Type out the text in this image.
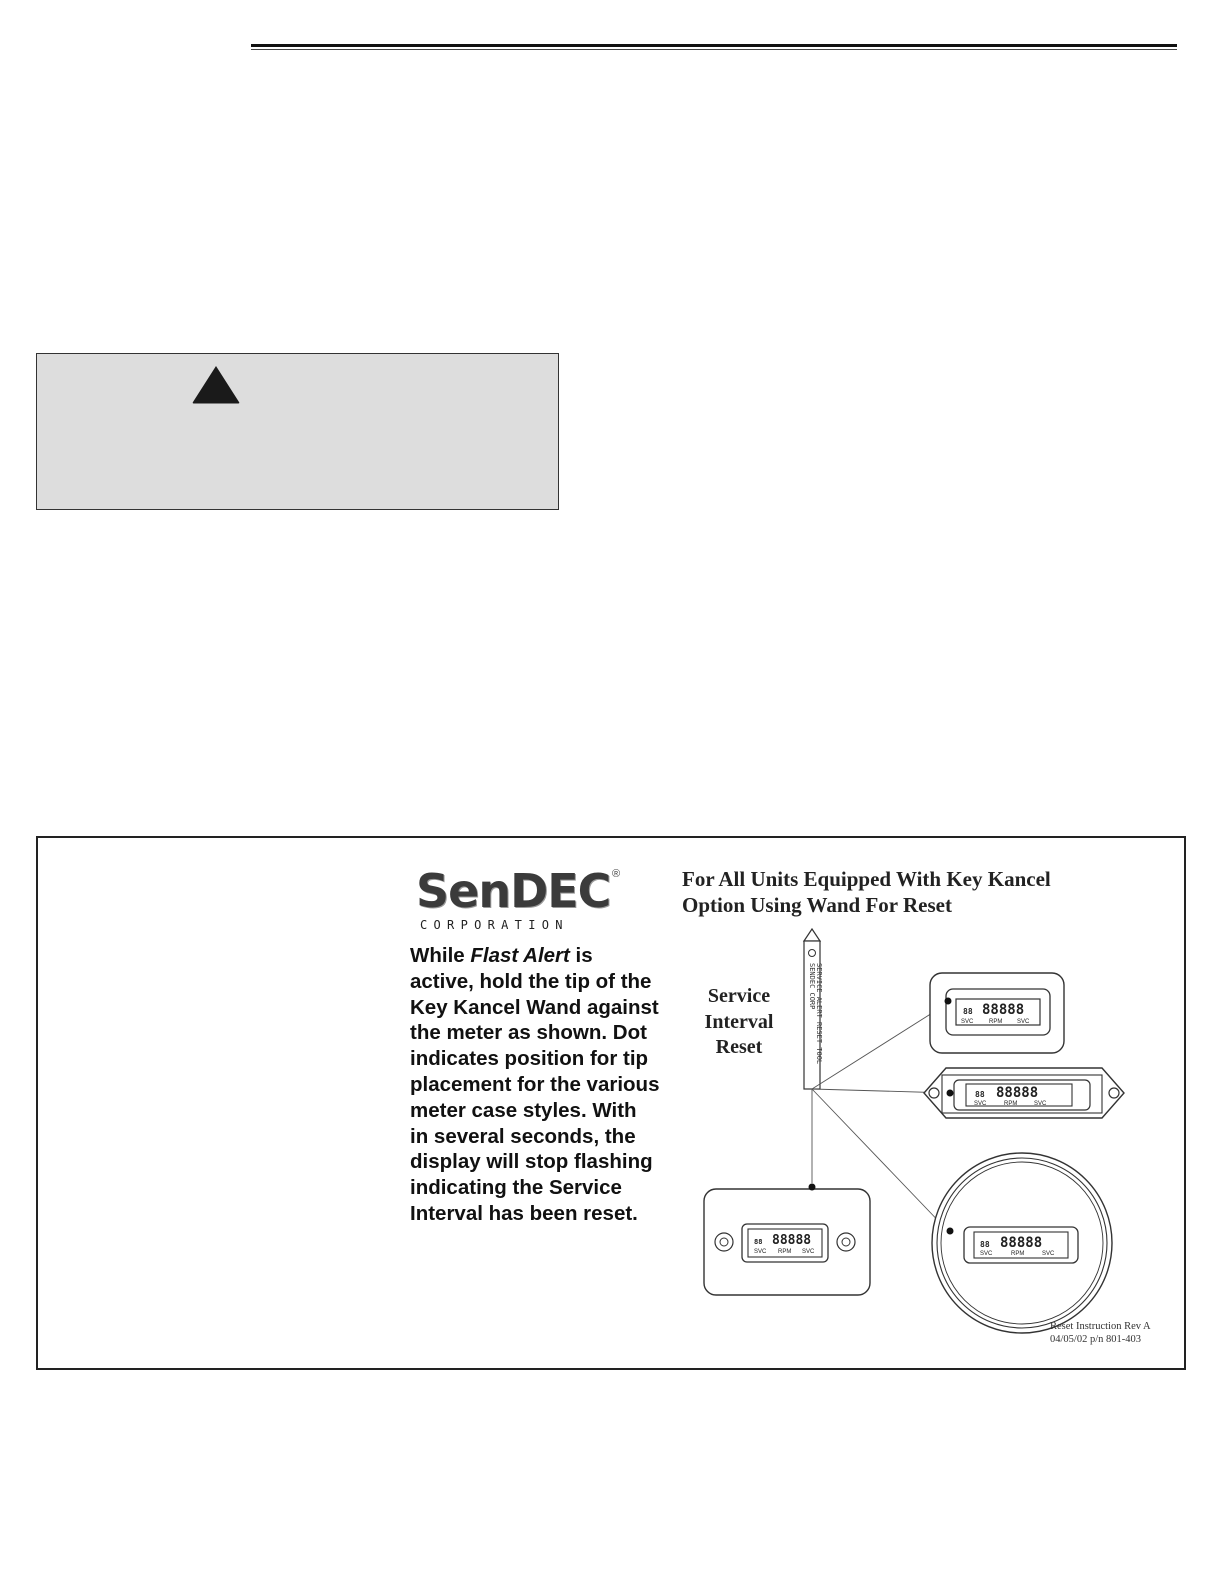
SenDEC ®
CORPORATION

While Flast Alert is active, hold the tip of the Key Kancel Wand against the meter as shown. Dot indicates position for tip placement for the various meter case styles. With in several seconds, the display will stop flashing indicating the Service Interval has been reset.

For All Units Equipped With Key Kancel Option Using Wand For Reset
Service
Interval
Reset
SENDEC CORP SERVICE ALERT RESET TOOL	88888
88
SVC	RPM SVC
88888
88
SVC	RPM	SVC
88888
88
SVC RPM SVC
88888
88
SVC	RPM	SVC
Reset Instruction Rev A
04/05/02 p/n 801-403
